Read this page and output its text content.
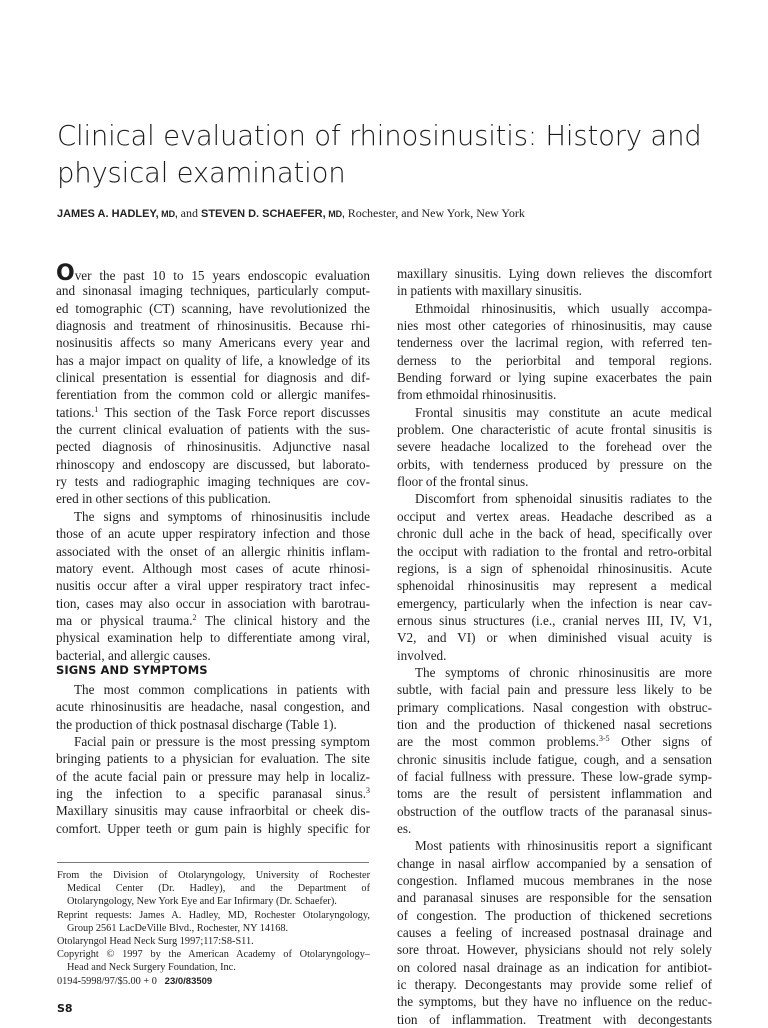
Clinical evaluation of rhinosinusitis: History and
physical examination
JAMES A. HADLEY, MD, and STEVEN D. SCHAEFER, MD, Rochester, and New York, New York
Over the past 10 to 15 years endoscopic evaluation
and sinonasal imaging techniques, particularly comput-
ed tomographic (CT) scanning, have revolutionized the
diagnosis and treatment of rhinosinusitis. Because rhi-
nosinusitis affects so many Americans every year and
has a major impact on quality of life, a knowledge of its
clinical presentation is essential for diagnosis and dif-
ferentiation from the common cold or allergic manifes-
tations.$^1$ This section of the Task Force report discusses
the current clinical evaluation of patients with the sus-
pected diagnosis of rhinosinusitis. Adjunctive nasal
rhinoscopy and endoscopy are discussed, but laborato-
ry tests and radiographic imaging techniques are cov-
ered in other sections of this publication.
The signs and symptoms of rhinosinusitis include
those of an acute upper respiratory infection and those
associated with the onset of an allergic rhinitis inflam-
matory event. Although most cases of acute rhinosi-
nusitis occur after a viral upper respiratory tract infec-
tion, cases may also occur in association with barotrau-
ma or physical trauma.$^2$ The clinical history and the
physical examination help to differentiate among viral,
bacterial, and allergic causes.
SIGNS AND SYMPTOMS
The most common complications in patients with
acute rhinosinusitis are headache, nasal congestion, and
the production of thick postnasal discharge (Table 1).
Facial pain or pressure is the most pressing symptom
bringing patients to a physician for evaluation. The site
of the acute facial pain or pressure may help in localiz-
ing the infection to a specific paranasal sinus.$^3$
Maxillary sinusitis may cause infraorbital or cheek dis-
comfort. Upper teeth or gum pain is highly specific for
From the Division of Otolaryngology, University of Rochester
Medical Center (Dr. Hadley), and the Department of
Otolaryngology, New York Eye and Ear Infirmary (Dr. Schaefer).
Reprint requests: James A. Hadley, MD, Rochester Otolaryngology,
Group 2561 LacDeVille Blvd., Rochester, NY 14168.
Otolaryngol Head Neck Surg 1997;117:S8-S11.
Copyright © 1997 by the American Academy of Otolaryngology–
Head and Neck Surgery Foundation, Inc.
0194-5998/97/$5.00 + 0 23/0/83509
maxillary sinusitis. Lying down relieves the discomfort
in patients with maxillary sinusitis.
Ethmoidal rhinosinusitis, which usually accompa-
nies most other categories of rhinosinusitis, may cause
tenderness over the lacrimal region, with referred ten-
derness to the periorbital and temporal regions.
Bending forward or lying supine exacerbates the pain
from ethmoidal rhinosinusitis.
Frontal sinusitis may constitute an acute medical
problem. One characteristic of acute frontal sinusitis is
severe headache localized to the forehead over the
orbits, with tenderness produced by pressure on the
floor of the frontal sinus.
Discomfort from sphenoidal sinusitis radiates to the
occiput and vertex areas. Headache described as a
chronic dull ache in the back of head, specifically over
the occiput with radiation to the frontal and retro-orbital
regions, is a sign of sphenoidal rhinosinusitis. Acute
sphenoidal rhinosinusitis may represent a medical
emergency, particularly when the infection is near cav-
ernous sinus structures (i.e., cranial nerves III, IV, V1,
V2, and VI) or when diminished visual acuity is
involved.
The symptoms of chronic rhinosinusitis are more
subtle, with facial pain and pressure less likely to be
primary complications. Nasal congestion with obstruc-
tion and the production of thickened nasal secretions
are the most common problems.$^{3-5}$ Other signs of
chronic sinusitis include fatigue, cough, and a sensation
of facial fullness with pressure. These low-grade symp-
toms are the result of persistent inflammation and
obstruction of the outflow tracts of the paranasal sinus-
es.
Most patients with rhinosinusitis report a significant
change in nasal airflow accompanied by a sensation of
congestion. Inflamed mucous membranes in the nose
and paranasal sinuses are responsible for the sensation
of congestion. The production of thickened secretions
causes a feeling of increased postnasal drainage and
sore throat. However, physicians should not rely solely
on colored nasal drainage as an indication for antibiot-
ic therapy. Decongestants may provide some relief of
the symptoms, but they have no influence on the reduc-
tion of inflammation. Treatment with decongestants
S8
